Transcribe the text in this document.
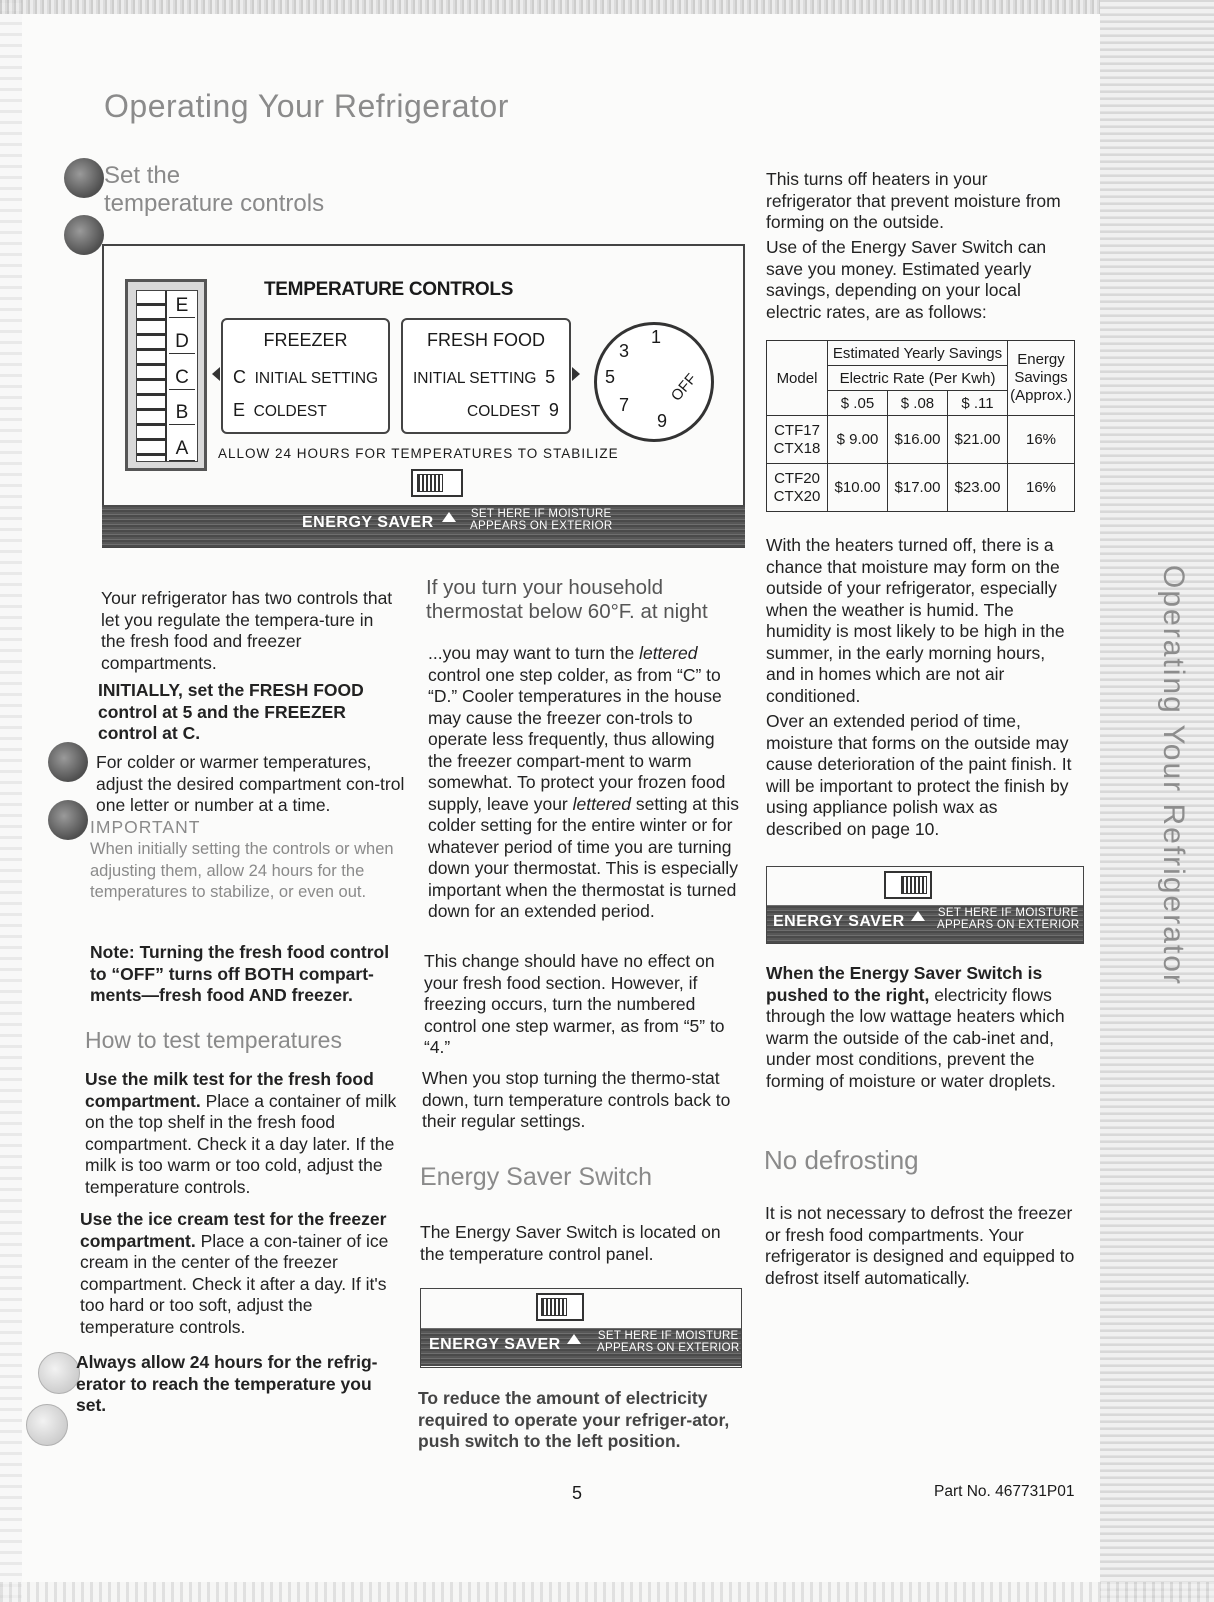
Operating Your Refrigerator
Operating Your Refrigerator
Set the
temperature controls
TEMPERATURE CONTROLS
E
D
C
B
A
FREEZER
C INITIAL SETTING
E COLDEST
FRESH FOOD
INITIAL SETTING 5
COLDEST 9
1
3
5
7
9
OFF
ALLOW 24 HOURS FOR TEMPERATURES TO STABILIZE
ENERGY SAVER	SET HERE IF MOISTURE
APPEARS ON EXTERIOR
Your refrigerator has two controls that let you regulate the tempera-ture in the fresh food and freezer compartments.
INITIALLY, set the FRESH FOOD control at 5 and the FREEZER control at C.
For colder or warmer temperatures, adjust the desired compartment con-trol one letter or number at a time.
IMPORTANT
When initially setting the controls or when adjusting them, allow 24 hours for the temperatures to stabilize, or even out.
Note: Turning the fresh food control to “OFF” turns off BOTH compart-ments—fresh food AND freezer.
How to test temperatures
Use the milk test for the fresh food compartment. Place a container of milk on the top shelf in the fresh food compartment. Check it a day later. If the milk is too warm or too cold, adjust the temperature controls.
Use the ice cream test for the freezer compartment. Place a con-tainer of ice cream in the center of the freezer compartment. Check it after a day. If it's too hard or too soft, adjust the temperature controls.
Always allow 24 hours for the refrig-erator to reach the temperature you set.
If you turn your household
thermostat below 60°F. at night
...you may want to turn the lettered control one step colder, as from “C” to “D.” Cooler temperatures in the house may cause the freezer con-trols to operate less frequently, thus allowing the freezer compart-ment to warm somewhat. To protect your frozen food supply, leave your lettered setting at this colder setting for the entire winter or for whatever period of time you are turning down your thermostat. This is especially important when the thermostat is turned down for an extended period.
This change should have no effect on your fresh food section. However, if freezing occurs, turn the numbered control one step warmer, as from “5” to “4.”
When you stop turning the thermo-stat down, turn temperature controls back to their regular settings.
Energy Saver Switch
The Energy Saver Switch is located on the temperature control panel.
ENERGY SAVER	SET HERE IF MOISTURE
APPEARS ON EXTERIOR
To reduce the amount of electricity required to operate your refriger-ator, push switch to the left position.
This turns off heaters in your refrigerator that prevent moisture from forming on the outside.
Use of the Energy Saver Switch can save you money. Estimated yearly savings, depending on your local electric rates, are as follows:
Model	Estimated Yearly Savings			Energy Savings (Approx.)
	Electric Rate (Per Kwh)			
	$ .05	$ .08	$ .11	
CTF17 CTX18	$ 9.00	$16.00	$21.00	16%
CTF20 CTX20	$10.00	$17.00	$23.00	16%
With the heaters turned off, there is a chance that moisture may form on the outside of your refrigerator, especially when the weather is humid. The humidity is most likely to be high in the summer, in the early morning hours, and in homes which are not air conditioned.
Over an extended period of time, moisture that forms on the outside may cause deterioration of the paint finish. It will be important to protect the finish by using appliance polish wax as described on page 10.
ENERGY SAVER	SET HERE IF MOISTURE
APPEARS ON EXTERIOR
When the Energy Saver Switch is pushed to the right, electricity flows through the low wattage heaters which warm the outside of the cab-inet and, under most conditions, prevent the forming of moisture or water droplets.
No defrosting
It is not necessary to defrost the freezer or fresh food compartments. Your refrigerator is designed and equipped to defrost itself automatically.
5	Part No. 467731P01
